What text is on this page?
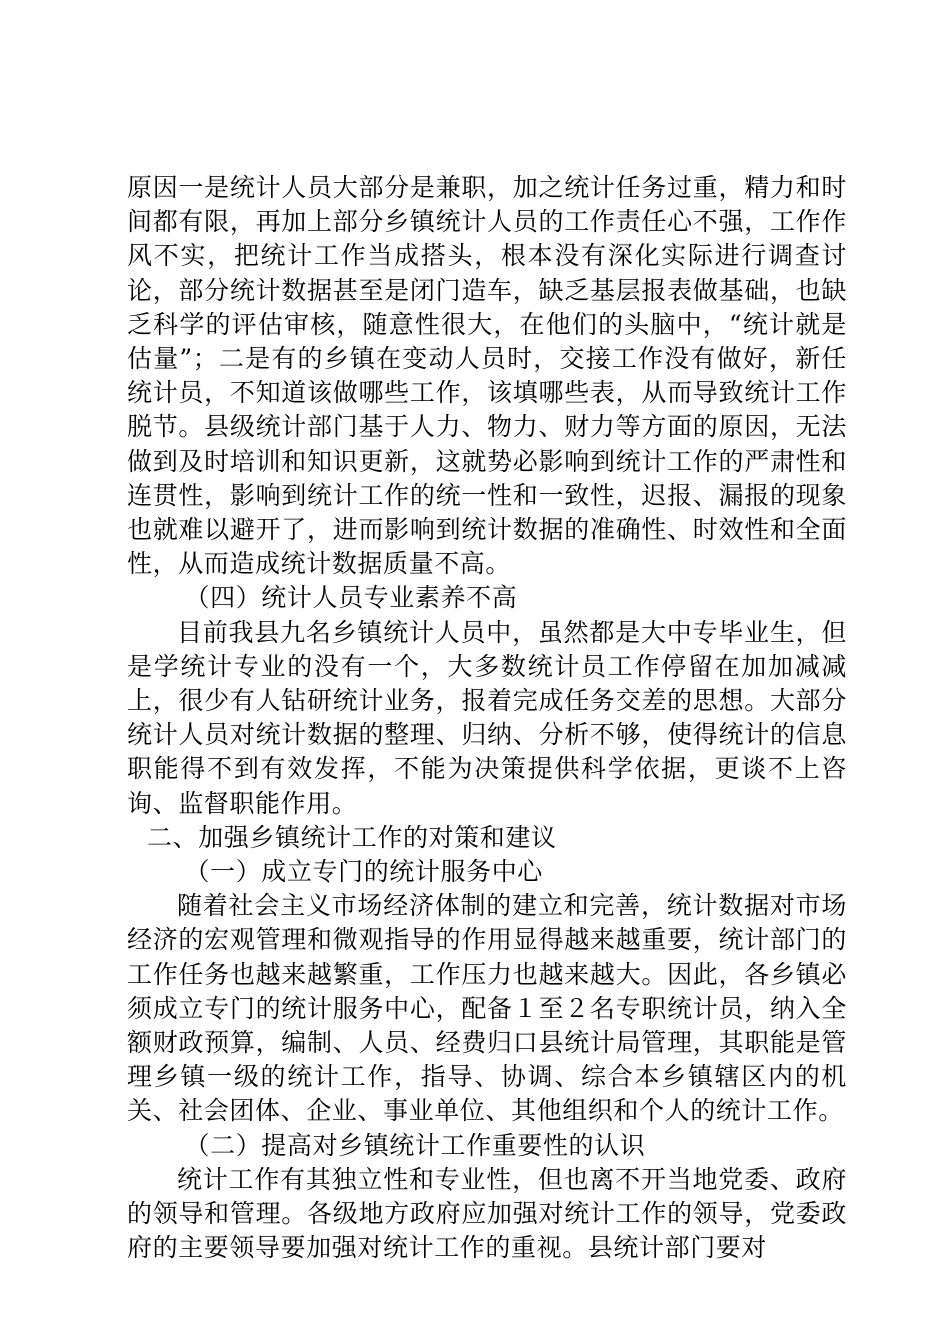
原因一是统计人员大部分是兼职，加之统计任务过重，精力和时间都有限，再加上部分乡镇统计人员的工作责任心不强，工作作风不实，把统计工作当成搭头，根本没有深化实际进行调查讨论，部分统计数据甚至是闭门造车，缺乏基层报表做基础，也缺乏科学的评估审核，随意性很大，在他们的头脑中，“统计就是估量”；二是有的乡镇在变动人员时，交接工作没有做好，新任统计员，不知道该做哪些工作，该填哪些表，从而导致统计工作脱节。县级统计部门基于人力、物力、财力等方面的原因，无法做到及时培训和知识更新，这就势必影响到统计工作的严肃性和连贯性，影响到统计工作的统一性和一致性，迟报、漏报的现象也就难以避开了，进而影响到统计数据的准确性、时效性和全面性，从而造成统计数据质量不高。

（四）统计人员专业素养不高

目前我县九名乡镇统计人员中，虽然都是大中专毕业生，但是学统计专业的没有一个，大多数统计员工作停留在加加减减上，很少有人钻研统计业务，报着完成任务交差的思想。大部分统计人员对统计数据的整理、归纳、分析不够，使得统计的信息职能得不到有效发挥，不能为决策提供科学依据，更谈不上咨询、监督职能作用。

二、加强乡镇统计工作的对策和建议

（一）成立专门的统计服务中心

随着社会主义市场经济体制的建立和完善，统计数据对市场经济的宏观管理和微观指导的作用显得越来越重要，统计部门的工作任务也越来越繁重，工作压力也越来越大。因此，各乡镇必须成立专门的统计服务中心，配备１至２名专职统计员，纳入全额财政预算，编制、人员、经费归口县统计局管理，其职能是管理乡镇一级的统计工作，指导、协调、综合本乡镇辖区内的机关、社会团体、企业、事业单位、其他组织和个人的统计工作。

（二）提高对乡镇统计工作重要性的认识

统计工作有其独立性和专业性，但也离不开当地党委、政府的领导和管理。各级地方政府应加强对统计工作的领导，党委政府的主要领导要加强对统计工作的重视。县统计部门要对
